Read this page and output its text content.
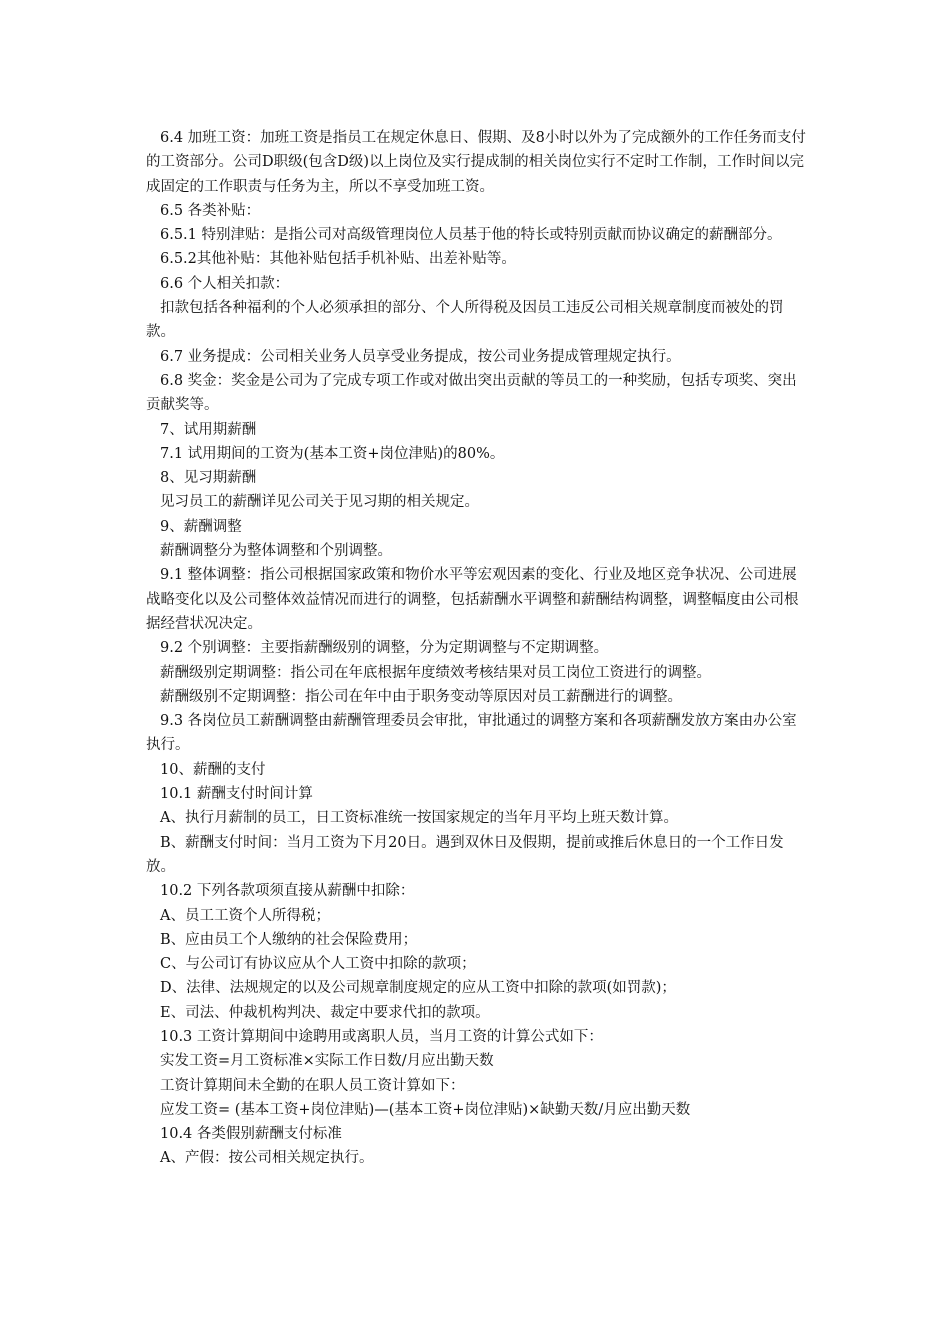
6.4 加班工资：加班工资是指员工在规定休息日、假期、及8小时以外为了完成额外的工作任务而支付的工资部分。公司D职级(包含D级)以上岗位及实行提成制的相关岗位实行不定时工作制，工作时间以完成固定的工作职责与任务为主，所以不享受加班工资。

6.5 各类补贴：

6.5.1 特别津贴：是指公司对高级管理岗位人员基于他的特长或特别贡献而协议确定的薪酬部分。

6.5.2其他补贴：其他补贴包括手机补贴、出差补贴等。

6.6 个人相关扣款：

扣款包括各种福利的个人必须承担的部分、个人所得税及因员工违反公司相关规章制度而被处的罚款。

6.7 业务提成：公司相关业务人员享受业务提成，按公司业务提成管理规定执行。

6.8 奖金：奖金是公司为了完成专项工作或对做出突出贡献的等员工的一种奖励，包括专项奖、突出贡献奖等。

7、试用期薪酬

7.1 试用期间的工资为(基本工资+岗位津贴)的80%。

8、见习期薪酬

见习员工的薪酬详见公司关于见习期的相关规定。

9、薪酬调整

薪酬调整分为整体调整和个别调整。

9.1 整体调整：指公司根据国家政策和物价水平等宏观因素的变化、行业及地区竞争状况、公司进展战略变化以及公司整体效益情况而进行的调整，包括薪酬水平调整和薪酬结构调整，调整幅度由公司根据经营状况决定。

9.2 个别调整：主要指薪酬级别的调整，分为定期调整与不定期调整。

薪酬级别定期调整：指公司在年底根据年度绩效考核结果对员工岗位工资进行的调整。

薪酬级别不定期调整：指公司在年中由于职务变动等原因对员工薪酬进行的调整。

9.3 各岗位员工薪酬调整由薪酬管理委员会审批，审批通过的调整方案和各项薪酬发放方案由办公室执行。

10、薪酬的支付

10.1 薪酬支付时间计算

A、执行月薪制的员工，日工资标准统一按国家规定的当年月平均上班天数计算。

B、薪酬支付时间：当月工资为下月20日。遇到双休日及假期，提前或推后休息日的一个工作日发放。

10.2 下列各款项须直接从薪酬中扣除：

A、员工工资个人所得税；

B、应由员工个人缴纳的社会保险费用；

C、与公司订有协议应从个人工资中扣除的款项；

D、法律、法规规定的以及公司规章制度规定的应从工资中扣除的款项(如罚款)；

E、司法、仲裁机构判决、裁定中要求代扣的款项。

10.3 工资计算期间中途聘用或离职人员，当月工资的计算公式如下：

实发工资=月工资标准×实际工作日数/月应出勤天数

工资计算期间未全勤的在职人员工资计算如下：

应发工资= (基本工资+岗位津贴)—(基本工资+岗位津贴)×缺勤天数/月应出勤天数

10.4 各类假别薪酬支付标准

A、产假：按公司相关规定执行。
